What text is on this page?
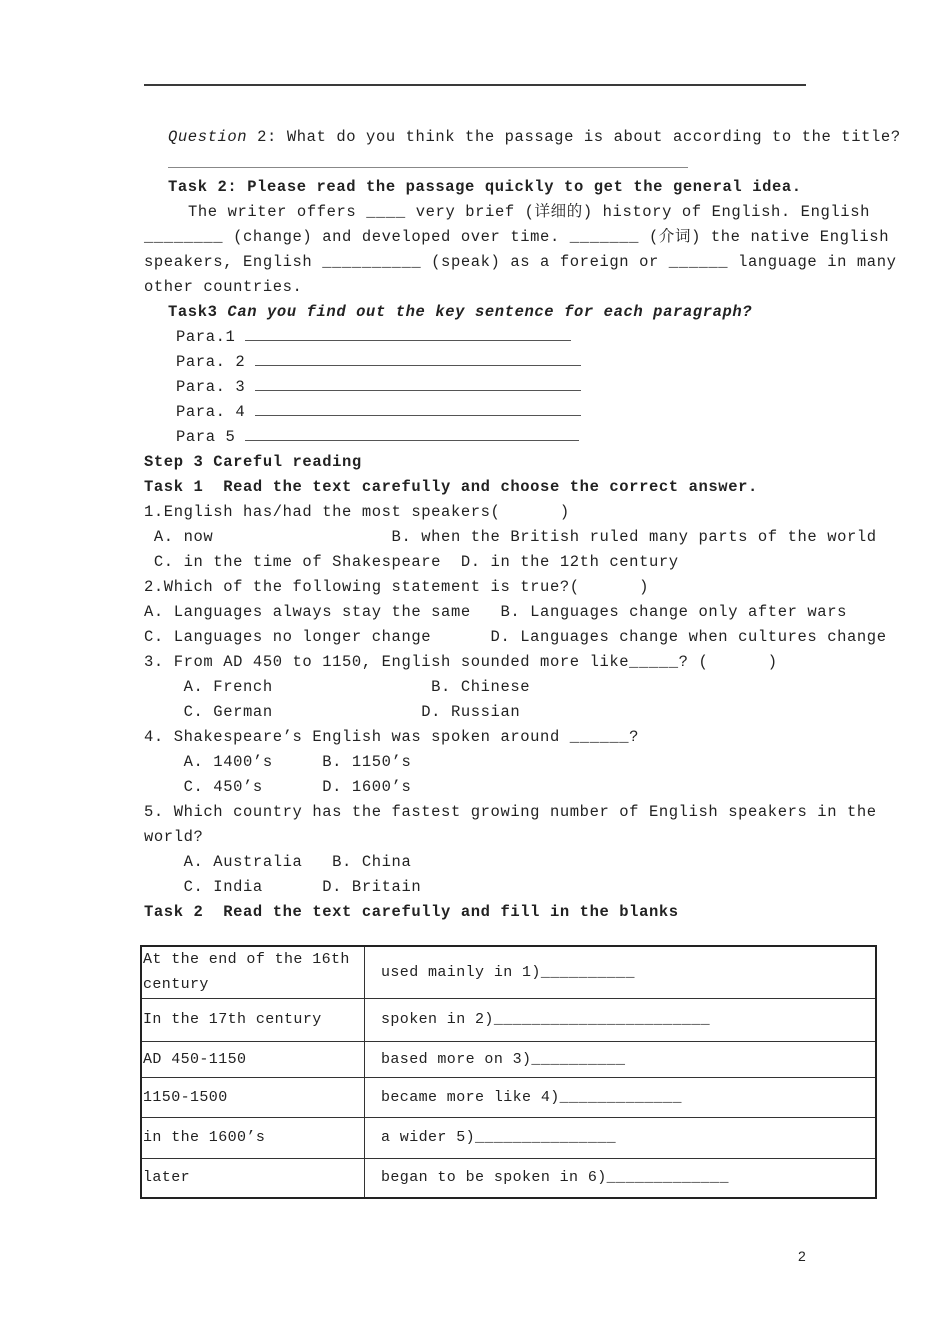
Question 2: What do you think the passage is about according to the title?
Task 2: Please read the passage quickly to get the general idea.
The writer offers ____ very brief (详细的) history of English. English
________ (change) and developed over time. _______ (介词) the native English
speakers, English __________ (speak) as a foreign or ______ language in many
other countries.
Task3 Can you find out the key sentence for each paragraph?
Para.1
Para. 2
Para. 3
Para. 4
Para 5
Step 3 Careful reading
Task 1  Read the text carefully and choose the correct answer.
1.English has/had the most speakers(      )
A. now                  B. when the British ruled many parts of the world
C. in the time of Shakespeare  D. in the 12th century
2.Which of the following statement is true?(      )
A. Languages always stay the same   B. Languages change only after wars
C. Languages no longer change      D. Languages change when cultures change
3. From AD 450 to 1150, English sounded more like_____? (      )
A. French                B. Chinese
C. German               D. Russian
4. Shakespeare’s English was spoken around ______?
A. 1400’s     B. 1150’s
C. 450’s      D. 1600’s
5. Which country has the fastest growing number of English speakers in the
world?
A. Australia   B. China
C. India      D. Britain
Task 2  Read the text carefully and fill in the blanks
At the end of the 16th century	used mainly in 1)__________
In the 17th century	spoken in 2)_______________________
AD 450-1150	based more on 3)__________
1150-1500	became more like 4)_____________
in the 1600’s	a wider 5)_______________
later	began to be spoken in 6)_____________
2
